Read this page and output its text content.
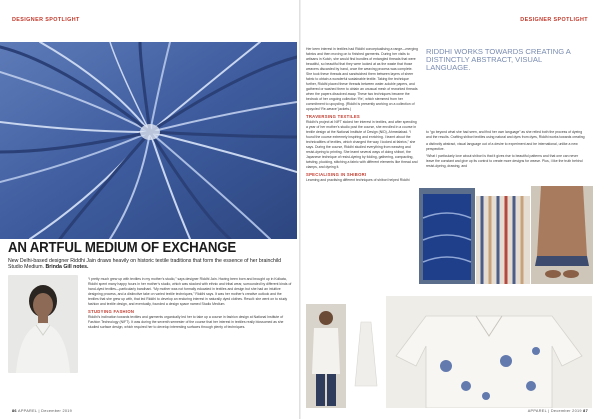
DESIGNER SPOTLIGHT	DESIGNER SPOTLIGHT
AN ARTFUL MEDIUM OF EXCHANGE
New Delhi-based designer Riddhi Jain draws heavily on historic textile traditions that form the essence of her brainchild Studio Medium. Brinda Gill notes.

“I pretty much grew up with textiles in my mother’s studio,” says designer Riddhi Jain. Having been born and brought up in Kolkata, Riddhi spent many happy hours in her mother’s studio, which was stocked with ethnic and tribal wear, surrounded by different kinds of hand-dyed textiles—particularly bandhani. “My mother was not formally educated in textiles and design but she had an intuitive designing process, and a distinctive take on varied textile techniques,” Riddhi says. It was her mother’s creative outlook and the textiles that she grew up with, that led Riddhi to develop an enduring interest in naturally dyed clothes. Result: she went on to study fashion and textile design, and eventually, founded a design space named Studio Medium.

STUDYING FASHION

Riddhi’s inclination towards textiles and garments organically led her to take up a course in fashion design at National Institute of Fashion Technology (NIFT). It was during the seventh semester of the course that her interest in textiles really blossomed as she studied surface design, which required her to develop interesting surfaces through plenty of techniques.

Her keen interest in textiles had Riddhi conceptualising a range—merging fabrics and then moving on to finished garments. During her visits to artisans in Kutch, she would find bundles of entangled threads that were beautiful, so beautiful that they were looked at as the waste that those weavers discarded by hand, once the weaving process was complete. She took these threads and sandwiched them between layers of sheer fabric to obtain a wonderful sustainable textile. Taking the technique further, Riddhi placed these threads between water-soluble papers, and gathered or washed them to obtain an unusual mesh of reworked threads when the papers dissolved away. These two techniques became the bedrock of her ongoing collection ‘Re’, which stemmed from her commitment to upcycling. (Riddhi is presently working on a collection of upcycled ‘Re-weave’ jackets.)

TRAVERSING TEXTILES

Riddhi’s project at NIFT stoked her interest in textiles, and after spending a year of her mother’s studio post the course, she enrolled in a course in textile design at the National Institute of Design (NID), Ahmedabad. “I found the course extremely inspiring and enriching. I learnt about the technicalities of textiles, which changed the way I looked at fabrics,” she says. During the course, Riddhi studied everything from weaving and resist-dyeing to printing. She learnt several ways of doing shibori, the Japanese technique of resist-dyeing by folding, gathering, compacting, twisting, plucking, stitching a fabric with different elements like thread and clamps, and dyeing it.

SPECIALISING IN SHIBORI

Learning and practising different techniques of shibori helped Riddhi

RIDDHI WORKS TOWARDS CREATING A DISTINCTLY ABSTRACT, VISUAL LANGUAGE.

to “go beyond what she had seen, and find her own language” as she relied both the process of dyeing and the results. Crafting shibori textiles using natural and dyes from dyes, Riddhi works towards creating

a distinctly abstract, visual language out of a desire to experiment and be international, unlike a new perspective.

“What I particularly love about shibori is that it gives rise to beautiful patterns and that one can never leave the constant and give up its control to create more designs for weave. Plus, I like the truth behind resist-dyeing, drawing, and

86 APPAREL | December 2019	APPAREL | December 2019 87
